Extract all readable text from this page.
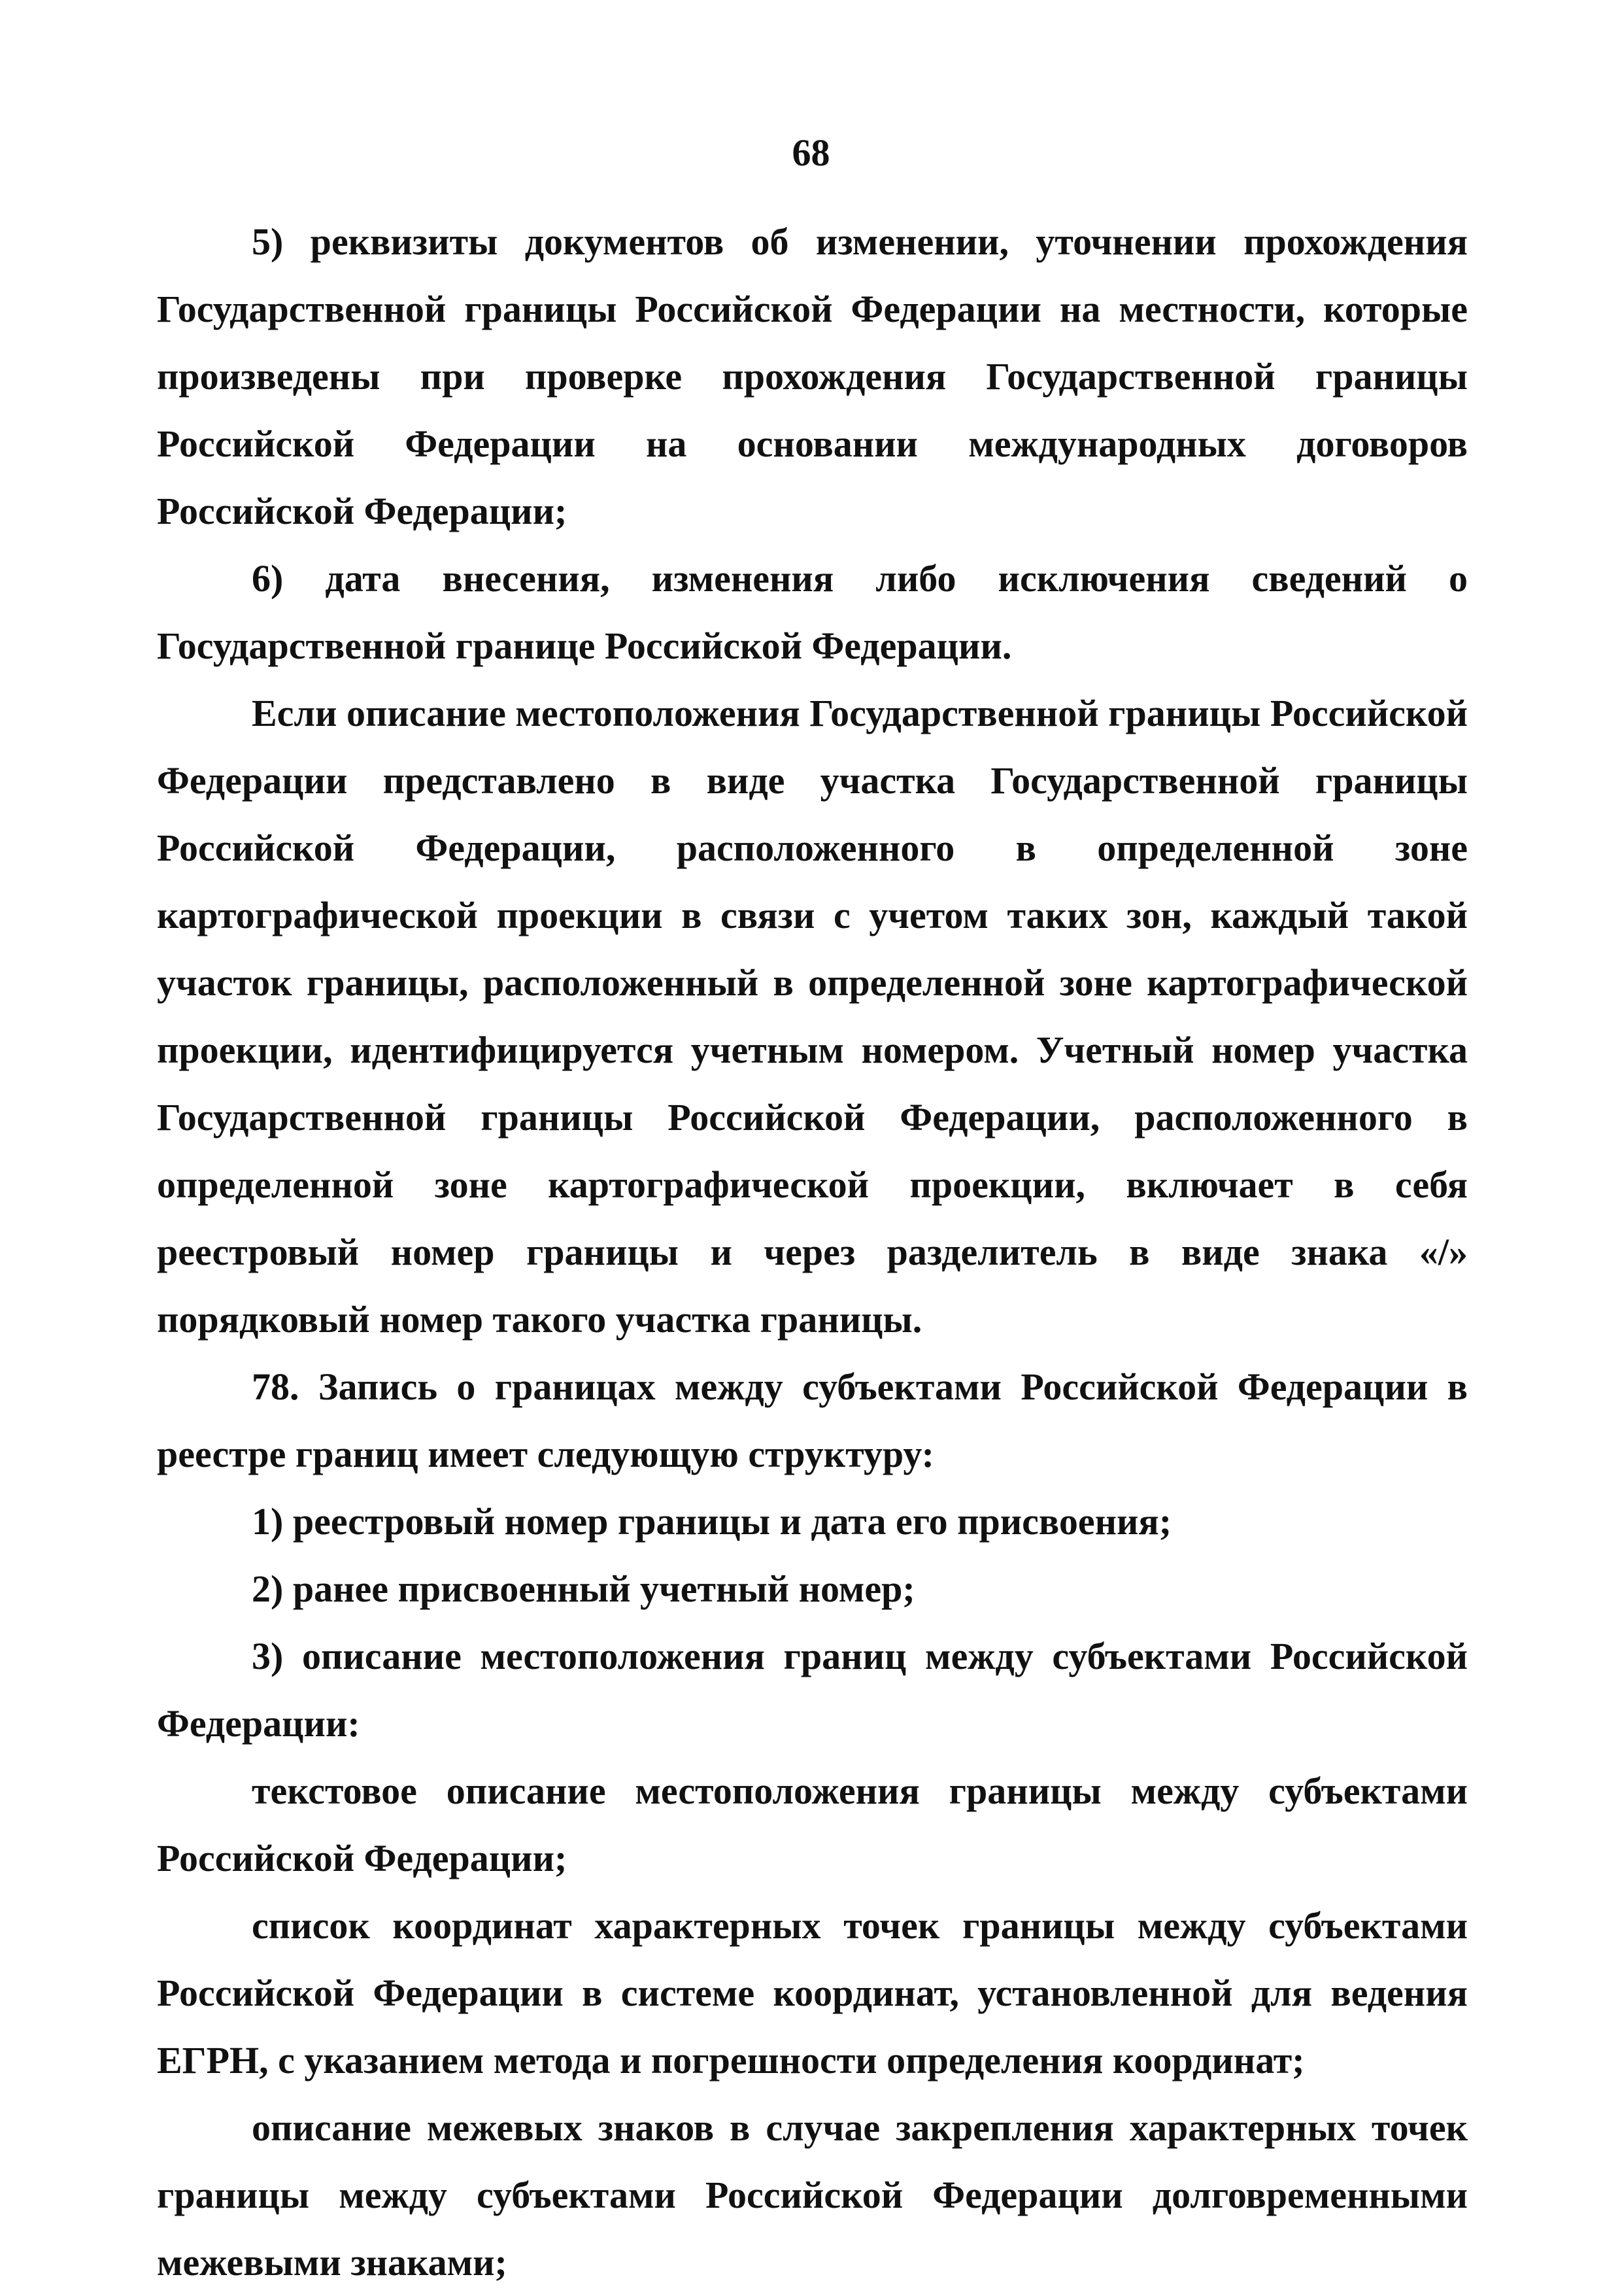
68

5) реквизиты документов об изменении, уточнении прохождения Государственной границы Российской Федерации на местности, которые произведены при проверке прохождения Государственной границы Российской Федерации на основании международных договоров Российской Федерации;

6) дата внесения, изменения либо исключения сведений о Государственной границе Российской Федерации.

Если описание местоположения Государственной границы Российской Федерации представлено в виде участка Государственной границы Российской Федерации, расположенного в определенной зоне картографической проекции в связи с учетом таких зон, каждый такой участок границы, расположенный в определенной зоне картографической проекции, идентифицируется учетным номером. Учетный номер участка Государственной границы Российской Федерации, расположенного в определенной зоне картографической проекции, включает в себя реестровый номер границы и через разделитель в виде знака «/» порядковый номер такого участка границы.

78. Запись о границах между субъектами Российской Федерации в реестре границ имеет следующую структуру:

1) реестровый номер границы и дата его присвоения;

2) ранее присвоенный учетный номер;

3) описание местоположения границ между субъектами Российской Федерации:

текстовое описание местоположения границы между субъектами Российской Федерации;

список координат характерных точек границы между субъектами Российской Федерации в системе координат, установленной для ведения ЕГРН, с указанием метода и погрешности определения координат;

описание межевых знаков в случае закрепления характерных точек границы между субъектами Российской Федерации долговременными межевыми знаками;
